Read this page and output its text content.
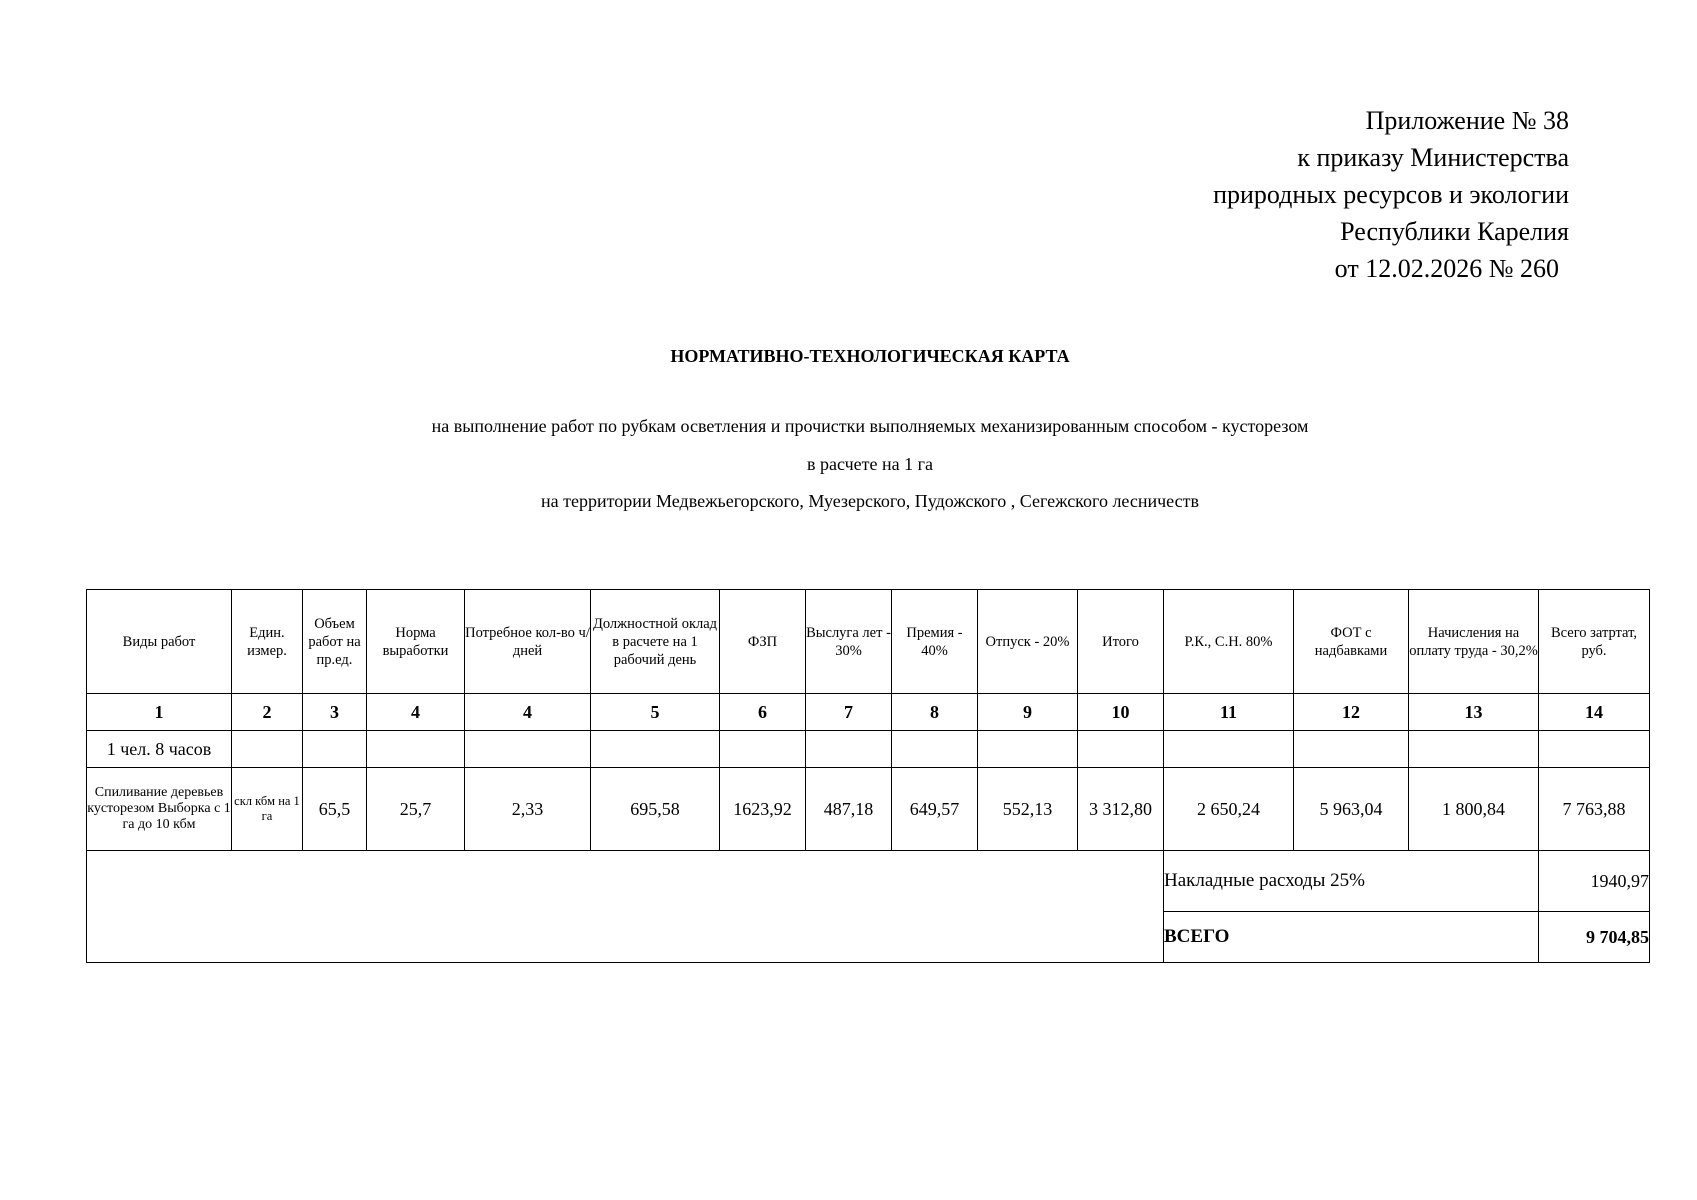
Приложение № 38
к приказу Министерства
природных ресурсов и экологии
Республики Карелия
от 12.02.2026 № 260
НОРМАТИВНО-ТЕХНОЛОГИЧЕСКАЯ КАРТА
на выполнение работ по рубкам осветления и прочистки выполняемых механизированным способом - кусторезом
в расчете на 1 га
на территории Медвежьегорского, Муезерского, Пудожского , Сегежского лесничеств
Виды работ	Един. измер.	Объем работ на пр.ед.	Норма выработки	Потребное кол-во ч/дней	Должностной оклад в расчете на 1 рабочий день	ФЗП	Выслуга лет - 30%	Премия - 40%	Отпуск - 20%	Итого	Р.К., С.Н. 80%	ФОТ с надбавками	Начисления на оплату труда - 30,2%	Всего затртат, руб.
1	2	3	4	4	5	6	7	8	9	10	11	12	13	14
1 чел. 8 часов														
Спиливание деревьев кусторезом Выборка с 1 га до 10 кбм	скл кбм на 1 га	65,5	25,7	2,33	695,58	1623,92	487,18	649,57	552,13	3 312,80	2 650,24	5 963,04	1 800,84	7 763,88
											Накладные расходы 25%			1940,97
											ВСЕГО			9 704,85
